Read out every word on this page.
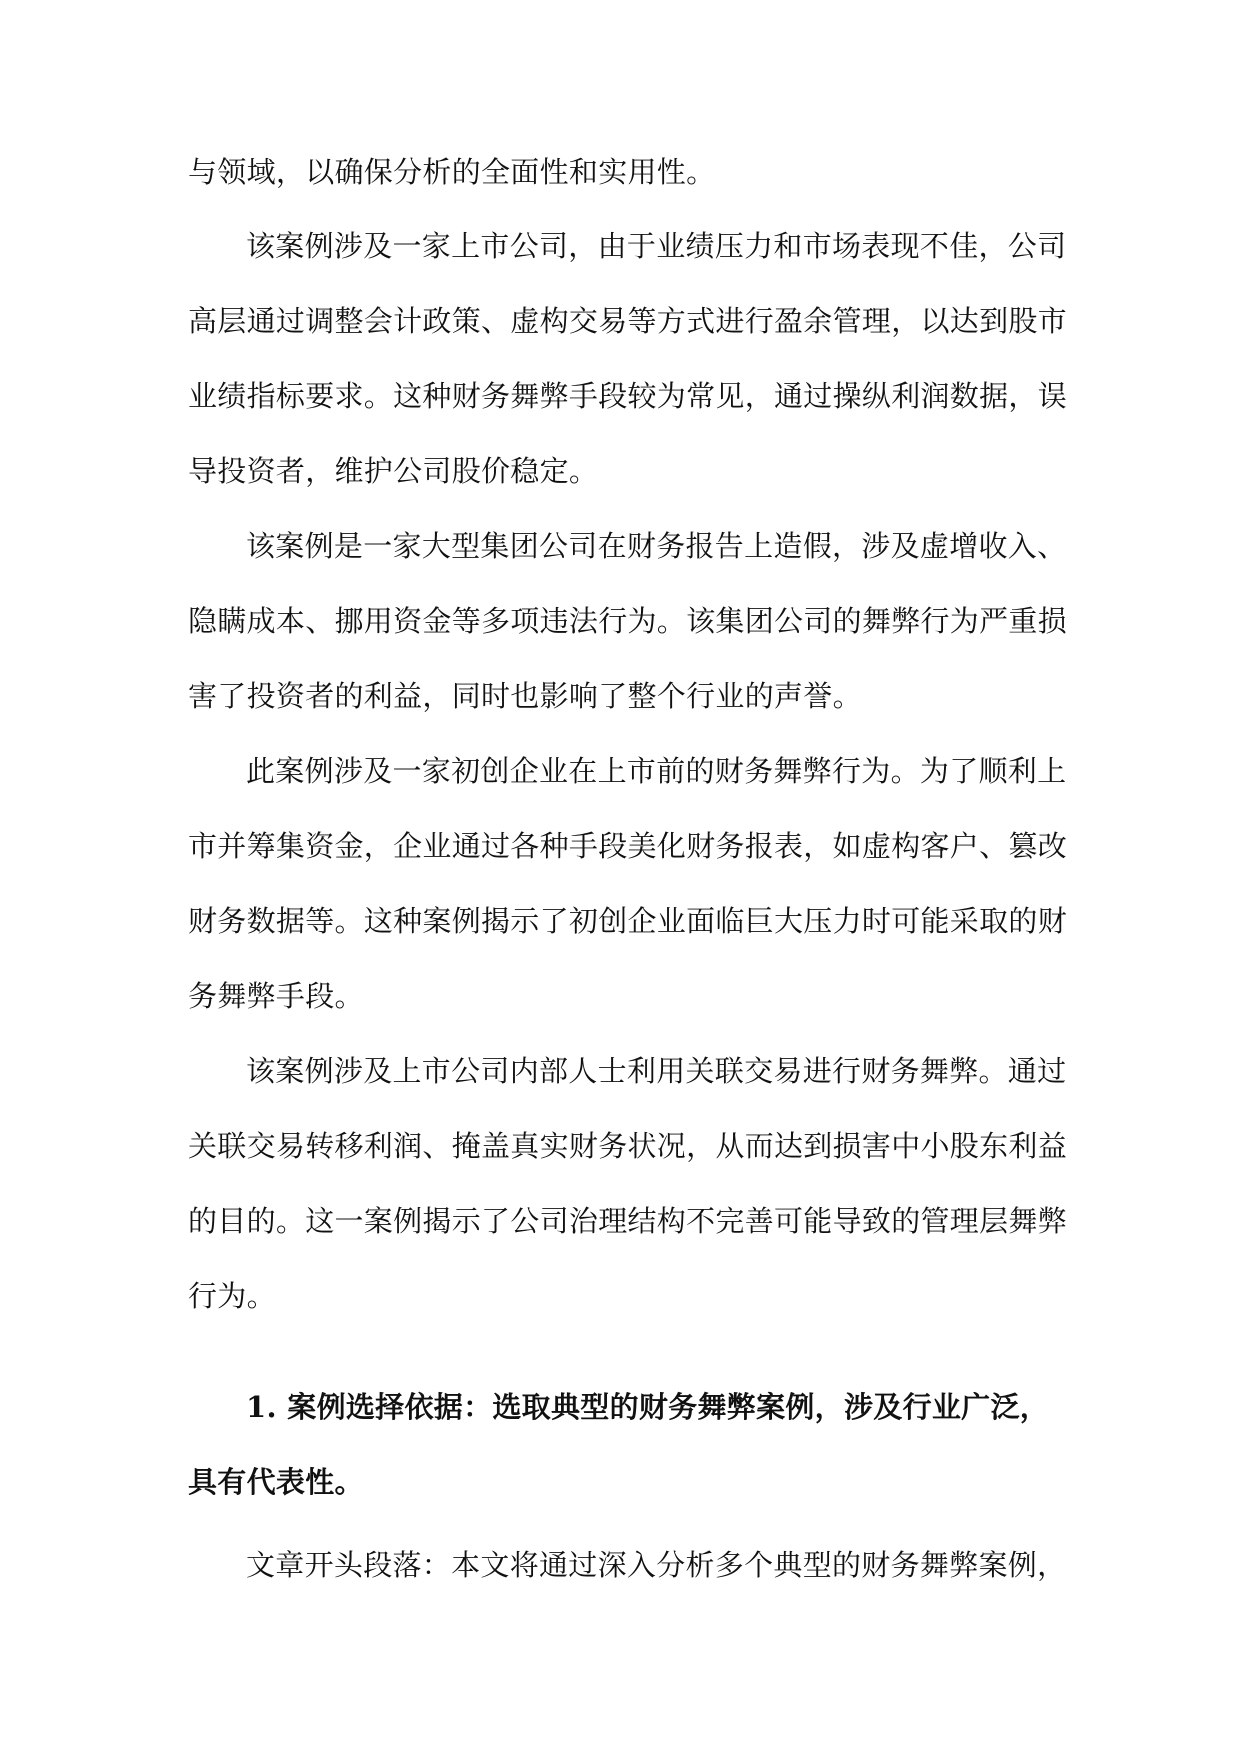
与领域，以确保分析的全面性和实用性。
该案例涉及一家上市公司，由于业绩压力和市场表现不佳，公司
高层通过调整会计政策、虚构交易等方式进行盈余管理，以达到股市
业绩指标要求。这种财务舞弊手段较为常见，通过操纵利润数据，误
导投资者，维护公司股价稳定。
该案例是一家大型集团公司在财务报告上造假，涉及虚增收入、
隐瞒成本、挪用资金等多项违法行为。该集团公司的舞弊行为严重损
害了投资者的利益，同时也影响了整个行业的声誉。
此案例涉及一家初创企业在上市前的财务舞弊行为。为了顺利上
市并筹集资金，企业通过各种手段美化财务报表，如虚构客户、篡改
财务数据等。这种案例揭示了初创企业面临巨大压力时可能采取的财
务舞弊手段。
该案例涉及上市公司内部人士利用关联交易进行财务舞弊。通过
关联交易转移利润、掩盖真实财务状况，从而达到损害中小股东利益
的目的。这一案例揭示了公司治理结构不完善可能导致的管理层舞弊
行为。
1. 案例选择依据：选取典型的财务舞弊案例，涉及行业广泛，
具有代表性。
文章开头段落：本文将通过深入分析多个典型的财务舞弊案例，
